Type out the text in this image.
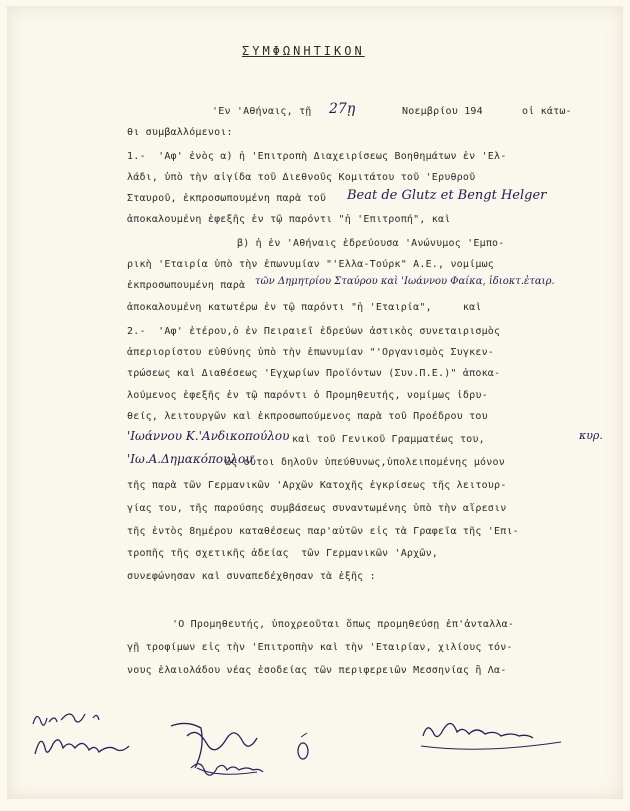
ΣΥΜΦΩΝΗΤΙΚΟΝ
'Εν 'Αθήναις, τῇ	Νοεμβρίου 194	οἱ κάτω-
θι συμβαλλόμενοι:
1.-  'Αφ' ἑνὸς α) ἡ 'Επιτροπὴ Διαχειρίσεως Βοηθημάτων ἐν 'Ελ-
λάδι, ὑπὸ τὴν αἰγίδα τοῦ Διεθνοῦς Κομιτάτου τοῦ 'Ερυθροῦ
Σταυροῦ, ἐκπροσωπουμένη παρὰ τοῦ
ἀποκαλουμένη ἐφεξῆς ἐν τῷ παρόντι "ἡ 'Επιτροπή", καὶ
β) ἡ ἐν 'Αθήναις ἑδρεύουσα 'Ανώνυμος 'Εμπο-
ρικὴ 'Εταιρία ὑπὸ τὴν ἐπωνυμίαν "'Ελλα-Τούρκ" Α.Ε., νομίμως
ἐκπροσωπουμένη παρὰ
ἀποκαλουμένη κατωτέρω ἐν τῷ παρόντι "ἡ 'Εταιρία",     καὶ
2.-  'Αφ' ἑτέρου,ὁ ἐν Πειραιεῖ ἑδρεύων ἀστικὸς συνεταιρισμὸς
ἀπεριορίστου εὐθύνης ὑπὸ τὴν ἐπωνυμίαν "'Οργανισμὸς Συγκεν-
τρώσεως καὶ Διαθέσεως 'Εγχωρίων Προϊόντων (Συν.Π.Ε.)" ἀποκα-
λούμενος ἐφεξῆς ἐν τῷ παρόντι ὁ Προμηθευτής, νομίμως ἱδρυ-
θείς, λειτουργῶν καὶ ἐκπροσωπούμενος παρὰ τοῦ Προέδρου του
καὶ τοῦ Γενικοῦ Γραμματέως του,
ὡς οὗτοι δηλοῦν ὑπεύθυνως,ὑπολειπομένης μόνον
τῆς παρὰ τῶν Γερμανικῶν 'Αρχῶν Κατοχῆς ἐγκρίσεως τῆς λειτουρ-
γίας του, τῆς παρούσης συμβάσεως συναντωμένης ὑπὸ τὴν αἵρεσιν
τῆς ἐντὸς 8ημέρου καταθέσεως παρ'αὐτῶν εἰς τὰ Γραφεῖα τῆς 'Επι-
τροπῆς τῆς σχετικῆς ἀδείας  τῶν Γερμανικῶν 'Αρχῶν,
συνεφώνησαν καὶ συναπεδέχθησαν τὰ ἑξῆς :
'Ο Προμηθευτής, ὑποχρεοῦται ὅπως προμηθεύσῃ ἐπ'ἀνταλλα-
γῇ τροφίμων εἰς τὴν 'Επιτροπὴν καὶ τὴν 'Εταιρίαν, χιλίους τόν-
νους ἐλαιολάδου νέας ἐσοδείας τῶν περιφερειῶν Μεσσηνίας ἢ Λα-
27ῃ
Beat de Glutz et Bengt Helger
τῶν Δημητρίου Σταύρου καὶ 'Ιωάννου Φαίκα, ἰδιοκτ.ἐταιρ.
'Ιωάννου Κ.'Ανδικοπούλου	κυρ.
'Ιω.Α.Δημακόπουλου
